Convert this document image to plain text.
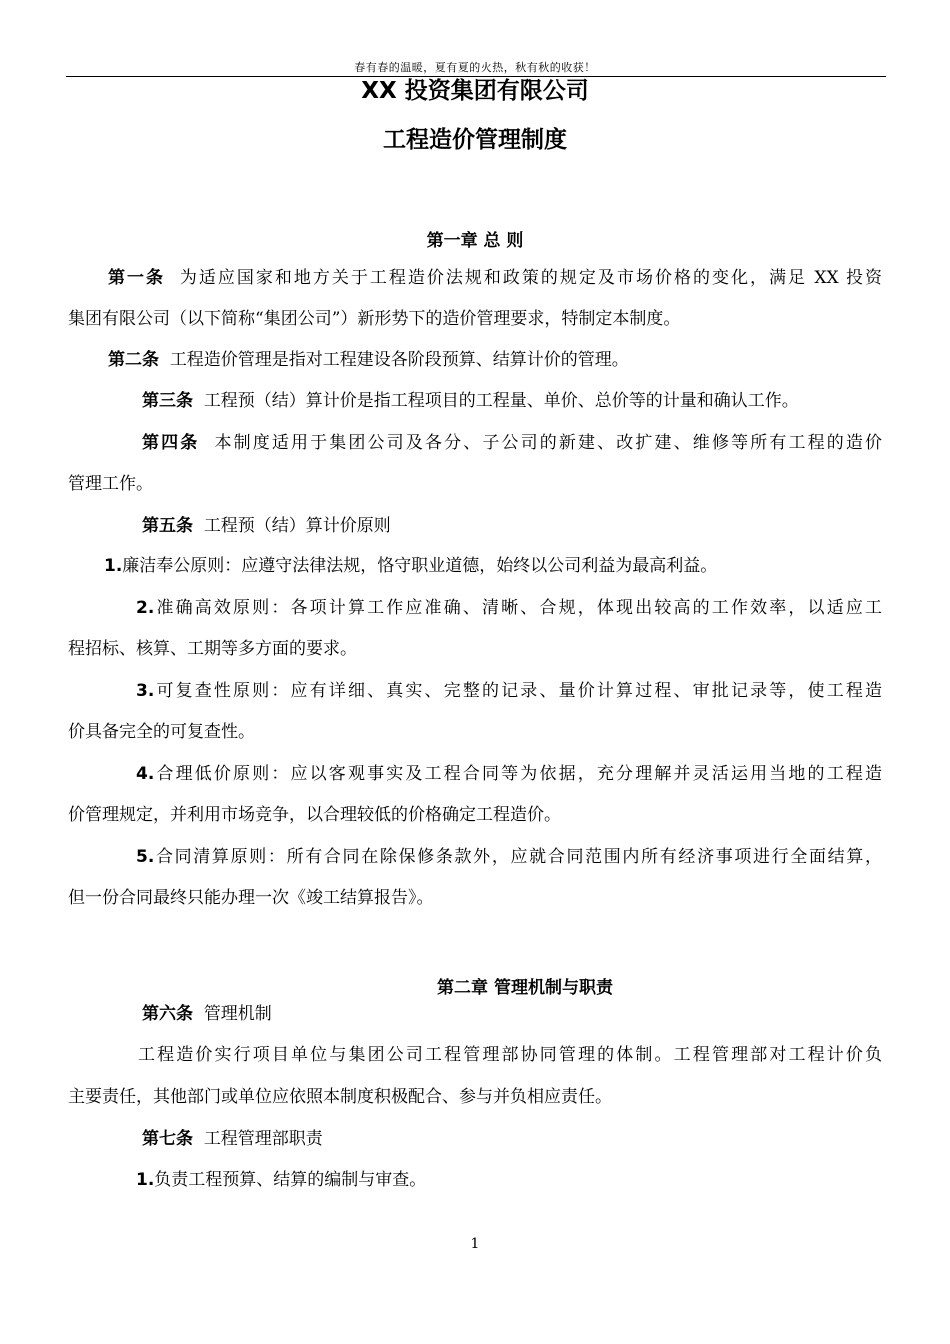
春有春的温暖，夏有夏的火热，秋有秋的收获！
XX 投资集团有限公司
工程造价管理制度
第一章 总 则
第一条 为适应国家和地方关于工程造价法规和政策的规定及市场价格的变化，满足 XX 投资
集团有限公司（以下简称“集团公司”）新形势下的造价管理要求，特制定本制度。
第二条 工程造价管理是指对工程建设各阶段预算、结算计价的管理。
第三条 工程预（结）算计价是指工程项目的工程量、单价、总价等的计量和确认工作。
第四条 本制度适用于集团公司及各分、子公司的新建、改扩建、维修等所有工程的造价
管理工作。
第五条 工程预（结）算计价原则
1.廉洁奉公原则：应遵守法律法规，恪守职业道德，始终以公司利益为最高利益。
2.准确高效原则：各项计算工作应准确、清晰、合规，体现出较高的工作效率，以适应工
程招标、核算、工期等多方面的要求。
3.可复查性原则：应有详细、真实、完整的记录、量价计算过程、审批记录等，使工程造
价具备完全的可复查性。
4.合理低价原则：应以客观事实及工程合同等为依据，充分理解并灵活运用当地的工程造
价管理规定，并利用市场竞争，以合理较低的价格确定工程造价。
5.合同清算原则：所有合同在除保修条款外，应就合同范围内所有经济事项进行全面结算，
但一份合同最终只能办理一次《竣工结算报告》。
第二章 管理机制与职责
第六条 管理机制
工程造价实行项目单位与集团公司工程管理部协同管理的体制。工程管理部对工程计价负
主要责任，其他部门或单位应依照本制度积极配合、参与并负相应责任。
第七条 工程管理部职责
1.负责工程预算、结算的编制与审查。
1
